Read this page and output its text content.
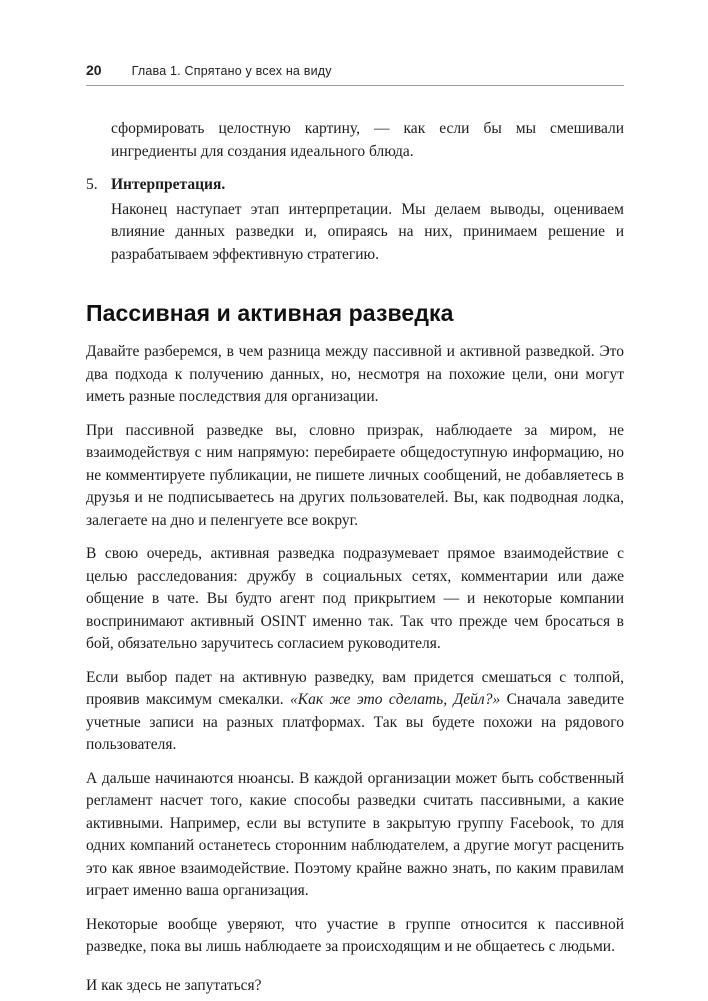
20 Глава 1. Спрятано у всех на виду

сформировать целостную картину, — как если бы мы смешивали ингредиенты для создания идеального блюда.

5. Интерпретация.

Наконец наступает этап интерпретации. Мы делаем выводы, оцениваем влияние данных разведки и, опираясь на них, принимаем решение и разрабатываем эффективную стратегию.

Пассивная и активная разведка

Давайте разберемся, в чем разница между пассивной и активной разведкой. Это два подхода к получению данных, но, несмотря на похожие цели, они могут иметь разные последствия для организации.

При пассивной разведке вы, словно призрак, наблюдаете за миром, не взаимодействуя с ним напрямую: перебираете общедоступную информацию, но не комментируете публикации, не пишете личных сообщений, не добавляетесь в друзья и не подписываетесь на других пользователей. Вы, как подводная лодка, залегаете на дно и пеленгуете все вокруг.

В свою очередь, активная разведка подразумевает прямое взаимодействие с целью расследования: дружбу в социальных сетях, комментарии или даже общение в чате. Вы будто агент под прикрытием — и некоторые компании воспринимают активный OSINT именно так. Так что прежде чем бросаться в бой, обязательно заручитесь согласием руководителя.

Если выбор падет на активную разведку, вам придется смешаться с толпой, проявив максимум смекалки. «Как же это сделать, Дейл?» Сначала заведите учетные записи на разных платформах. Так вы будете похожи на рядового пользователя.

А дальше начинаются нюансы. В каждой организации может быть собственный регламент насчет того, какие способы разведки считать пассивными, а какие активными. Например, если вы вступите в закрытую группу Facebook, то для одних компаний останетесь сторонним наблюдателем, а другие могут расценить это как явное взаимодействие. Поэтому крайне важно знать, по каким правилам играет именно ваша организация.

Некоторые вообще уверяют, что участие в группе относится к пассивной разведке, пока вы лишь наблюдаете за происходящим и не общаетесь с людьми.

И как здесь не запутаться?
